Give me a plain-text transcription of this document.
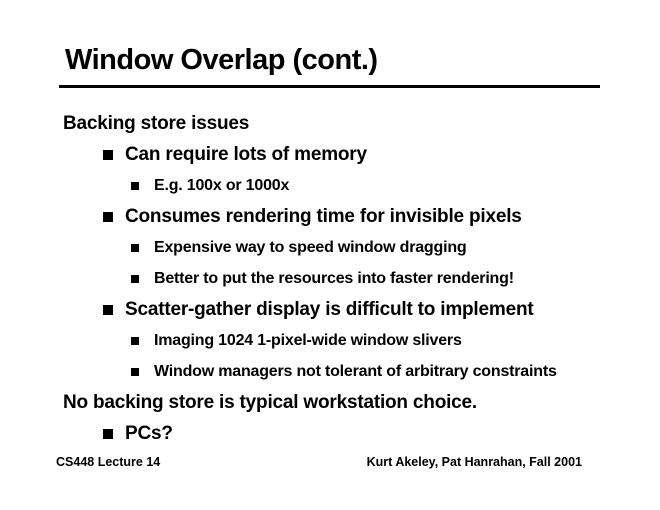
Window Overlap (cont.)
Backing store issues
Can require lots of memory
E.g. 100x or 1000x
Consumes rendering time for invisible pixels
Expensive way to speed window dragging
Better to put the resources into faster rendering!
Scatter-gather display is difficult to implement
Imaging 1024 1-pixel-wide window slivers
Window managers not tolerant of arbitrary constraints
No backing store is typical workstation choice.
PCs?
CS448 Lecture 14	Kurt Akeley, Pat Hanrahan, Fall 2001
